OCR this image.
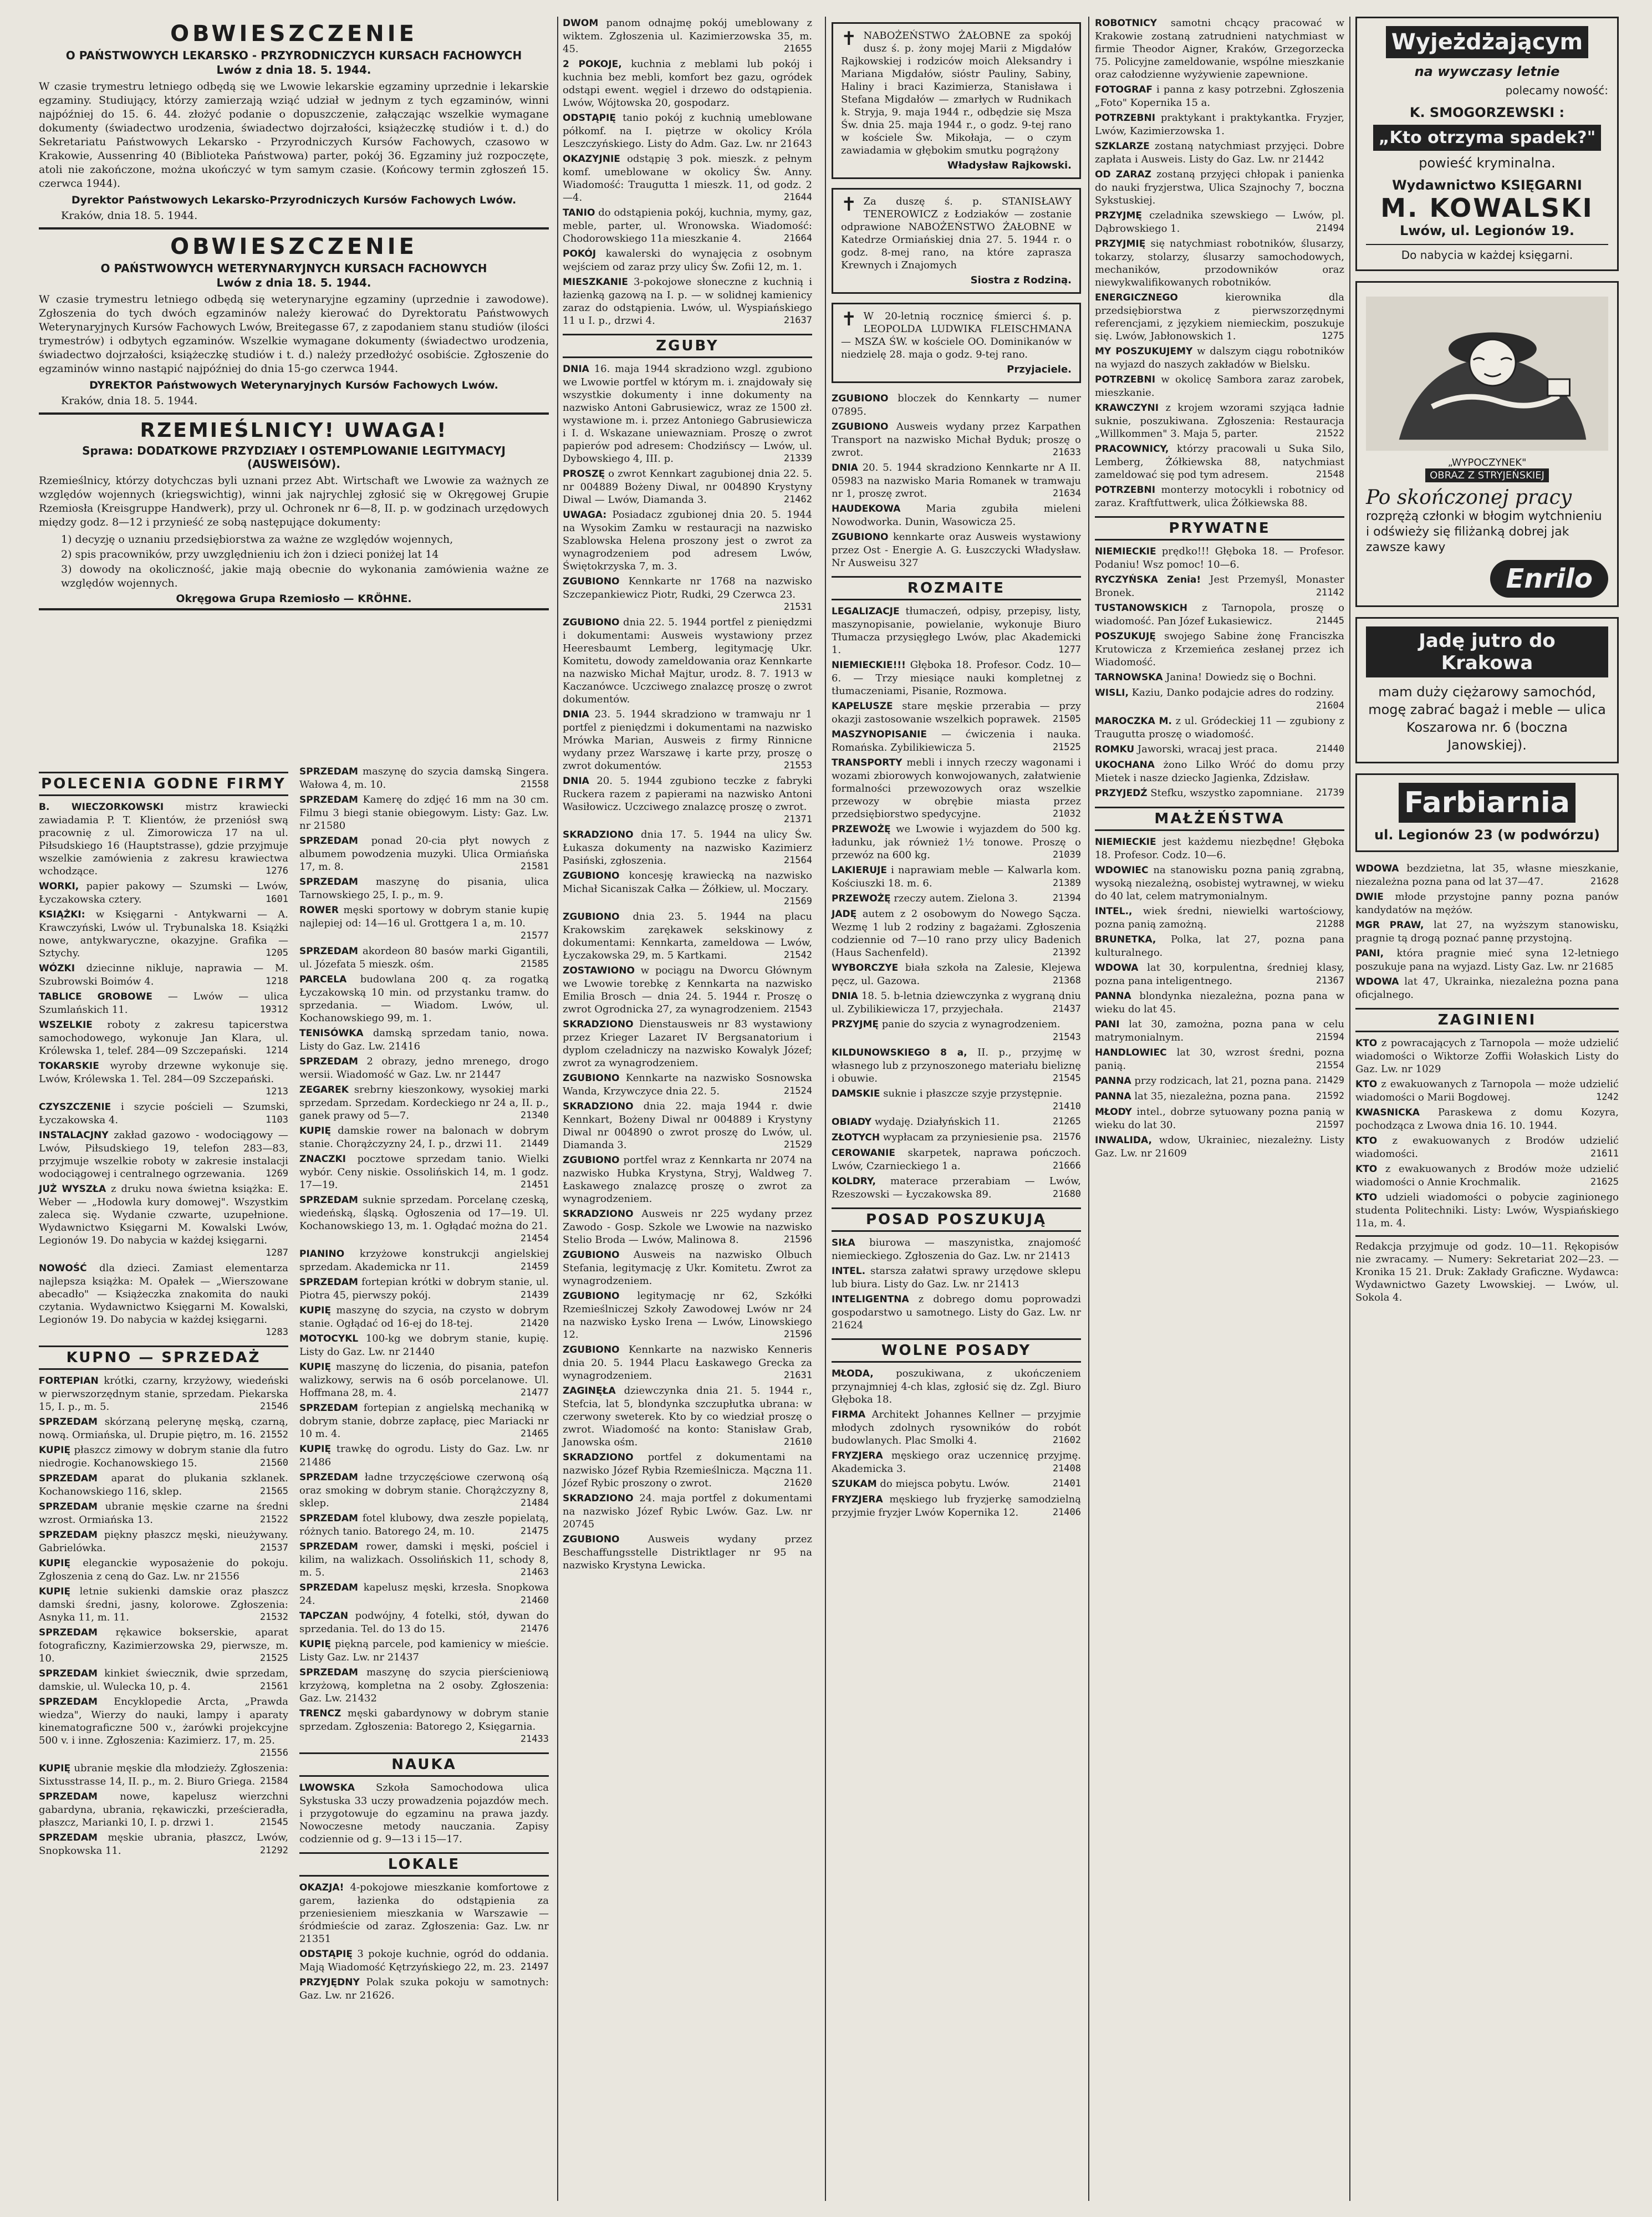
OBWIESZCZENIE
O PAŃSTWOWYCH LEKARSKO - PRZYRODNICZYCH KURSACH FACHOWYCH
Lwów z dnia 18. 5. 1944.
W czasie trymestru letniego odbędą się we Lwowie lekarskie egzaminy uprzednie i lekarskie egzaminy. Studiujący, którzy zamierzają wziąć udział w jednym z tych egzaminów, winni najpóźniej do 15. 6. 44. złożyć podanie o dopuszczenie, załączając wszelkie wymagane dokumenty (świadectwo urodzenia, świadectwo dojrzałości, książeczkę studiów i t. d.) do Sekretariatu Państwowych Lekarsko - Przyrodniczych Kursów Fachowych, czasowo w Krakowie, Aussenring 40 (Biblioteka Państwowa) parter, pokój 36. Egzaminy już rozpoczęte, atoli nie zakończone, można ukończyć w tym samym czasie. (Końcowy termin zgłoszeń 15. czerwca 1944).
Dyrektor Państwowych Lekarsko-Przyrodniczych Kursów Fachowych Lwów.
Kraków, dnia 18. 5. 1944.
OBWIESZCZENIE
O PAŃSTWOWYCH WETERYNARYJNYCH KURSACH FACHOWYCH
Lwów z dnia 18. 5. 1944.
W czasie trymestru letniego odbędą się weterynaryjne egzaminy (uprzednie i zawodowe). Zgłoszenia do tych dwóch egzaminów należy kierować do Dyrektoratu Państwowych Weterynaryjnych Kursów Fachowych Lwów, Breitegasse 67, z zapodaniem stanu studiów (ilości trymestrów) i odbytych egzaminów. Wszelkie wymagane dokumenty (świadectwo urodzenia, świadectwo dojrzałości, książeczkę studiów i t. d.) należy przedłożyć osobiście. Zgłoszenie do egzaminów winno nastąpić najpóźniej do dnia 15-go czerwca 1944.
DYREKTOR Państwowych Weterynaryjnych Kursów Fachowych Lwów.
Kraków, dnia 18. 5. 1944.
RZEMIEŚLNICY! UWAGA!
Sprawa: DODATKOWE PRZYDZIAŁY I OSTEMPLOWANIE LEGITYMACYJ (AUSWEISÓW).
Rzemieślnicy, którzy dotychczas byli uznani przez Abt. Wirtschaft we Lwowie za ważnych ze względów wojennych (kriegswichtig), winni jak najrychlej zgłosić się w Okręgowej Grupie Rzemiosła (Kreisgruppe Handwerk), przy ul. Ochronek nr 6—8, II. p. w godzinach urzędowych między godz. 8—12 i przynieść ze sobą następujące dokumenty:
1) decyzję o uznaniu przedsiębiorstwa za ważne ze względów wojennych,
2) spis pracowników, przy uwzględnieniu ich żon i dzieci poniżej lat 14
3) dowody na okoliczność, jakie mają obecnie do wykonania zamówienia ważne ze względów wojennych.
Okręgowa Grupa Rzemiosło — KRÖHNE.
POLECENIA GODNE FIRMY
B. WIECZORKOWSKI mistrz krawiecki zawiadamia P. T. Klientów, że przeniósł swą pracownię z ul. Zimorowicza 17 na ul. Piłsudskiego 16 (Hauptstrasse), gdzie przyjmuje wszelkie zamówienia z zakresu krawiectwa wchodzące.	1276
WORKI, papier pakowy — Szumski — Lwów, Łyczakowska cztery.	1601
KSIĄŻKI: w Księgarni - Antykwarni — A. Krawczyński, Lwów ul. Trybunalska 18. Książki nowe, antykwaryczne, okazyjne. Grafika — Sztychy.	1205
WÓZKI dziecinne nikluje, naprawia — M. Szubrowski Boimów 4.	1218
TABLICE GROBOWE — Lwów — ulica Szumlańskich 11.	19312
WSZELKIE roboty z zakresu tapicerstwa samochodowego, wykonuje Jan Klara, ul. Królewska 1, telef. 284—09 Szczepański. 1214
TOKARSKIE wyroby drzewne wykonuje się. Lwów, Królewska 1. Tel. 284—09 Szczepański.
1213
CZYSZCZENIE i szycie pościeli — Szumski, Łyczakowska 4.	1103
INSTALACJNY zakład gazowo - wodociągowy — Lwów, Piłsudskiego 19, telefon 283—83, przyjmuje wszelkie roboty w zakresie instalacji wodociągowej i centralnego ogrzewania. 1269
JUŻ WYSZŁA z druku nowa świetna książka: E. Weber — „Hodowla kury domowej". Wszystkim zaleca się. Wydanie czwarte, uzupełnione. Wydawnictwo Księgarni M. Kowalski Lwów, Legionów 19. Do nabycia w każdej księgarni.
1287
NOWOŚĆ dla dzieci. Zamiast elementarza najlepsza książka: M. Opałek — „Wierszowane abecadło" — Książeczka znakomita do nauki czytania. Wydawnictwo Księgarni M. Kowalski, Legionów 19. Do nabycia w każdej księgarni.
1283
KUPNO — SPRZEDAŻ
FORTEPIAN krótki, czarny, krzyżowy, wiedeński w pierwszorzędnym stanie, sprzedam. Piekarska 15, I. p., m. 5.	21546
SPRZEDAM skórzaną pelerynę męską, czarną, nową. Ormiańska, ul. Drupie piętro, m. 16. 21552
KUPIĘ płaszcz zimowy w dobrym stanie dla futro niedrogie. Kochanowskiego 15.	21560
SPRZEDAM aparat do plukania szklanek. Kochanowskiego 116, sklep.	21565
SPRZEDAM ubranie męskie czarne na średni wzrost. Ormiańska 13.	21522
SPRZEDAM piękny płaszcz męski, nieużywany. Gabrielówka.	21537
KUPIĘ eleganckie wyposażenie do pokoju. Zgłoszenia z ceną do Gaz. Lw. nr 21556
KUPIĘ letnie sukienki damskie oraz płaszcz damski średni, jasny, kolorowe. Zgłoszenia: Asnyka 11, m. 11.	21532
SPRZEDAM rękawice bokserskie, aparat fotograficzny, Kazimierzowska 29, pierwsze, m. 10.	21525
SPRZEDAM kinkiet świecznik, dwie sprzedam, damskie, ul. Wulecka 10, p. 4.	21561
SPRZEDAM Encyklopedie Arcta, „Prawda wiedza", Wierzy do nauki, lampy i aparaty kinematograficzne 500 v., żarówki projekcyjne 500 v. i inne. Zgłoszenia: Kazimierz. 17, m. 25.
21556
KUPIĘ ubranie męskie dla młodzieży. Zgłoszenia: Sixtusstrasse 14, II. p., m. 2. Biuro Griega. 21584
SPRZEDAM nowe, kapelusz wierzchni gabardyna, ubrania, rękawiczki, prześcieradła, płaszcz, Marianki 10, I. p. drzwi 1.	21545
SPRZEDAM męskie ubrania, płaszcz, Lwów, Snopkowska 11.	21292
SPRZEDAM maszynę do szycia damską Singera. Wałowa 4, m. 10.	21558
SPRZEDAM Kamerę do zdjęć 16 mm na 30 cm. Filmu 3 biegi stanie obiegowym. Listy: Gaz. Lw. nr 21580
SPRZEDAM ponad 20-cia płyt nowych z albumem powodzenia muzyki. Ulica Ormiańska 17, m. 8.	21581
SPRZEDAM maszynę do pisania, ulica Tarnowskiego 25, I. p., m. 9.
ROWER męski sportowy w dobrym stanie kupię najlepiej od: 14—16 ul. Grottgera 1 a, m. 10.
21577
SPRZEDAM akordeon 80 basów marki Gigantili, ul. Józefata 5 mieszk. ośm.	21585
PARCELA budowlana 200 q. za rogatką Łyczakowską 10 min. od przystanku tramw. do sprzedania. — Wiadom. Lwów, ul. Kochanowskiego 99, m. 1.
TENISÓWKA damską sprzedam tanio, nowa. Listy do Gaz. Lw. 21416
SPRZEDAM 2 obrazy, jedno mrenego, drogo wersii. Wiadomość w Gaz. Lw. nr 21447
ZEGAREK srebrny kieszonkowy, wysokiej marki sprzedam. Sprzedam. Kordeckiego nr 24 a, II. p., ganek prawy od 5—7.	21340
KUPIĘ damskie rower na balonach w dobrym stanie. Chorążczyzny 24, I. p., drzwi 11. 21449
ZNACZKI pocztowe sprzedam tanio. Wielki wybór. Ceny niskie. Ossolińskich 14, m. 1 godz. 17—19.	21451
SPRZEDAM suknie sprzedam. Porcelanę czeską, wiedeńską, śląską. Ogłoszenia od 17—19. Ul. Kochanowskiego 13, m. 1. Ogłądać można do 21.
21454
PIANINO krzyżowe konstrukcji angielskiej sprzedam. Akademicka nr 11.	21459
SPRZEDAM fortepian krótki w dobrym stanie, ul. Piotra 45, pierwszy pokój.	21439
KUPIĘ maszynę do szycia, na czysto w dobrym stanie. Ogłądać od 16-ej do 18-tej.	21420
MOTOCYKL 100-kg we dobrym stanie, kupię. Listy do Gaz. Lw. nr 21440
KUPIĘ maszynę do liczenia, do pisania, patefon walizkowy, serwis na 6 osób porcelanowe. Ul. Hoffmana 28, m. 4.	21477
SPRZEDAM fortepian z angielską mechaniką w dobrym stanie, dobrze zapłacę, piec Mariacki nr 10 m. 4.	21465
KUPIĘ trawkę do ogrodu. Listy do Gaz. Lw. nr 21486
SPRZEDAM ładne trzyczęściowe czerwoną ośą oraz smoking w dobrym stanie. Chorążczyzny 8, sklep.	21484
SPRZEDAM fotel klubowy, dwa zeszłe popielatą, różnych tanio. Batorego 24, m. 10.	21475
SPRZEDAM rower, damski i męski, pościel i kilim, na walizkach. Ossolińskich 11, schody 8, m. 5.	21463
SPRZEDAM kapelusz męski, krzesła. Snopkowa 24.	21460
TAPCZAN podwójny, 4 fotelki, stół, dywan do sprzedania. Tel. do 13 do 15.	21476
KUPIĘ piękną parcele, pod kamienicy w mieście. Listy Gaz. Lw. nr 21437
SPRZEDAM maszynę do szycia pierścieniową krzyżową, kompletna na 2 osoby. Zgłoszenia: Gaz. Lw. 21432
TRENCZ męski gabardynowy w dobrym stanie sprzedam. Zgłoszenia: Batorego 2, Księgarnia.
21433
NAUKA
LWOWSKA Szkoła Samochodowa ulica Sykstuska 33 uczy prowadzenia pojazdów mech. i przygotowuje do egzaminu na prawa jazdy. Nowoczesne metody nauczania. Zapisy codziennie od g. 9—13 i 15—17.
LOKALE
OKAZJA! 4-pokojowe mieszkanie komfortowe z garem, łazienka do odstąpienia za przeniesieniem mieszkania w Warszawie — śródmieście od zaraz. Zgłoszenia: Gaz. Lw. nr 21351
ODSTĄPIĘ 3 pokoje kuchnie, ogród do oddania. Mają Wiadomość Kętrzyńskiego 22, m. 23. 21497
PRZYJĘDNY Polak szuka pokoju w samotnych: Gaz. Lw. nr 21626.
DWOM panom odnajmę pokój umeblowany z wiktem. Zgłoszenia ul. Kazimierzowska 35, m. 45.	21655
2 POKOJE, kuchnia z meblami lub pokój i kuchnia bez mebli, komfort bez gazu, ogródek odstąpi ewent. węgiel i drzewo do odstąpienia. Lwów, Wójtowska 20, gospodarz.
ODSTĄPIĘ tanio pokój z kuchnią umeblowane półkomf. na I. piętrze w okolicy Króla Leszczyńskiego. Listy do Adm. Gaz. Lw. nr 21643
OKAZYJNIE odstąpię 3 pok. mieszk. z pełnym komf. umeblowane w okolicy Św. Anny. Wiadomość: Traugutta 1 mieszk. 11, od godz. 2—4.	21644
TANIO do odstąpienia pokój, kuchnia, mymy, gaz, meble, parter, ul. Wronowska. Wiadomość: Chodorowskiego 11a mieszkanie 4.	21664
POKÓJ kawalerski do wynajęcia z osobnym wejściem od zaraz przy ulicy Św. Zofii 12, m. 1.
MIESZKANIE 3-pokojowe słoneczne z kuchnią i łazienką gazową na I. p. — w solidnej kamienicy zaraz do odstąpienia. Lwów, ul. Wyspiańskiego 11 u I. p., drzwi 4.	21637
ZGUBY
DNIA 16. maja 1944 skradziono wzgl. zgubiono we Lwowie portfel w którym m. i. znajdowały się wszystkie dokumenty i inne dokumenty na nazwisko Antoni Gabrusiewicz, wraz ze 1500 zł. wystawione m. i. przez Antoniego Gabrusiewicza i I. d. Wskazane uniewazniam. Proszę o zwrot papierów pod adresem: Chodzińscy — Lwów, ul. Dybowskiego 4, III. p.	21339
PROSZĘ o zwrot Kennkart zagubionej dnia 22. 5. nr 004889 Bożeny Diwal, nr 004890 Krystyny Diwal — Lwów, Diamanda 3.	21462
UWAGA: Posiadacz zgubionej dnia 20. 5. 1944 na Wysokim Zamku w restauracji na nazwisko Szablowska Helena proszony jest o zwrot za wynagrodzeniem pod adresem Lwów, Świętokrzyska 7, m. 3.
ZGUBIONO Kennkarte nr 1768 na nazwisko Szczepankiewicz Piotr, Rudki, 29 Czerwca 23.
21531
ZGUBIONO dnia 22. 5. 1944 portfel z pieniędzmi i dokumentami: Ausweis wystawiony przez Heeresbaumt Lemberg, legitymację Ukr. Komitetu, dowody zameldowania oraz Kennkarte na nazwisko Michał Majtur, urodz. 8. 7. 1913 w Kaczanówce. Uczciwego znalazcę proszę o zwrot dokumentów.
DNIA 23. 5. 1944 skradziono w tramwaju nr 1 portfel z pieniędzmi i dokumentami na nazwisko Mrówka Marian, Ausweis z firmy Rinnicne wydany przez Warszawę i karte przy, proszę o zwrot dokumentów.	21553
DNIA 20. 5. 1944 zgubiono teczke z fabryki Ruckera razem z papierami na nazwisko Antoni Wasiłowicz. Uczciwego znalazcę proszę o zwrot.
21371
SKRADZIONO dnia 17. 5. 1944 na ulicy Św. Łukasza dokumenty na nazwisko Kazimierz Pasiński, zgłoszenia.	21564
ZGUBIONO koncesję krawiecką na nazwisko Michał Sicaniszak Całka — Żółkiew, ul. Moczary.
21569
ZGUBIONO dnia 23. 5. 1944 na placu Krakowskim zarękawek sekskinowy z dokumentami: Kennkarta, zameldowa — Lwów, Łyczakowska 29, m. 5 Kartkami.	21542
ZOSTAWIONO w pociągu na Dworcu Głównym we Lwowie torebkę z Kennkarta na nazwisko Emilia Brosch — dnia 24. 5. 1944 r. Proszę o zwrot Ogrodnicka 27, za wynagrodzeniem. 21543
SKRADZIONO Dienstausweis nr 83 wystawiony przez Krieger Lazaret IV Bergsanatorium i dyplom czeladniczy na nazwisko Kowalyk Józef; zwrot za wynagrodzeniem.
ZGUBIONO Kennkarte na nazwisko Sosnowska Wanda, Krzywczyce dnia 22. 5.	21524
SKRADZIONO dnia 22. maja 1944 r. dwie Kennkart, Bożeny Diwal nr 004889 i Krystyny Diwal nr 004890 o zwrot proszę do Lwów, ul. Diamanda 3.	21529
ZGUBIONO portfel wraz z Kennkarta nr 2074 na nazwisko Hubka Krystyna, Stryj, Waldweg 7. Łaskawego znalazcę proszę o zwrot za wynagrodzeniem.
SKRADZIONO Ausweis nr 225 wydany przez Zawodo - Gosp. Szkole we Lwowie na nazwisko Stelio Broda — Lwów, Malinowa 8.	21596
ZGUBIONO Ausweis na nazwisko Olbuch Stefania, legitymację z Ukr. Komitetu. Zwrot za wynagrodzeniem.
ZGUBIONO legitymację nr 62, Szkółki Rzemieślniczej Szkoły Zawodowej Lwów nr 24 na nazwisko Łysko Irena — Lwów, Linowskiego 12.	21596
ZGUBIONO Kennkarte na nazwisko Kenneris dnia 20. 5. 1944 Placu Łaskawego Grecka za wynagrodzeniem.	21631
ZAGINĘŁA dziewczynka dnia 21. 5. 1944 r., Stefcia, lat 5, blondynka szczupłutka ubrana: w czerwony sweterek. Kto by co wiedział proszę o zwrot. Wiadomość na konto: Stanisław Grab, Janowska ośm.	21610
SKRADZIONO portfel z dokumentami na nazwisko Józef Rybia Rzemieślnicza. Mączna 11. Józef Rybic proszony o zwrot.	21620
SKRADZIONO 24. maja portfel z dokumentami na nazwisko Józef Rybic Lwów. Gaz. Lw. nr 20745
ZGUBIONO	Ausweis wydany przez Beschaffungsstelle Distriktlager nr 95 na nazwisko Krystyna Lewicka.
✝ NABOŻEŃSTWO ŻAŁOBNE za spokój dusz ś. p. żony mojej Marii z Migdałów Rajkowskiej i rodziców moich Aleksandry i Mariana Migdałów, sióstr Pauliny, Sabiny, Haliny i braci Kazimierza, Stanisława i Stefana Migdałów — zmarłych w Rudnikach k. Stryja, 9. maja 1944 r., odbędzie się Msza Św. dnia 25. maja 1944 r., o godz. 9-tej rano w kościele Św. Mikołaja, — o czym zawiadamia w głębokim smutku pogrążony
Władysław Rajkowski.
✝ Za duszę ś. p. STANISŁAWY TENEROWICZ z Łodziaków — zostanie odprawione NABOŻEŃSTWO ŻAŁOBNE w Katedrze Ormiańskiej dnia 27. 5. 1944 r. o godz. 8-mej rano, na które zaprasza Krewnych i Znajomych
Siostra z Rodziną.
✝ W 20-letnią rocznicę śmierci ś. p. LEOPOLDA LUDWIKA FLEISCHMANA — MSZA ŚW. w kościele OO. Dominikanów w niedzielę 28. maja o godz. 9-tej rano.
Przyjaciele.
ZGUBIONO bloczek do Kennkarty — numer 07895.
ZGUBIONO Ausweis wydany przez Karpathen Transport na nazwisko Michał Byduk; proszę o zwrot.	21633
DNIA 20. 5. 1944 skradziono Kennkarte nr A II. 05983 na nazwisko Maria Romanek w tramwaju nr 1, proszę zwrot.	21634
HAUDEKOWA	Maria zgubiła mieleni Nowodworka. Dunin, Wasowicza 25.
ZGUBIONO kennkarte oraz Ausweis wystawiony przez Ost - Energie A. G. Łuszczycki Władysław. Nr Ausweisu 327
ROZMAITE
LEGALIZACJE tłumaczeń, odpisy, przepisy, listy, maszynopisanie, powielanie, wykonuje Biuro Tłumacza przysięgłego Lwów, plac Akademicki 1.	1277
NIEMIECKIE!!! Głęboka 18. Profesor. Codz. 10—6. — Trzy miesiące nauki kompletnej z tłumaczeniami, Pisanie, Rozmowa.
KAPELUSZE stare męskie przerabia — przy okazji zastosowanie wszelkich poprawek. 21505
MASZYNOPISANIE — ćwiczenia i nauka. Romańska. Zybilikiewicza 5.	21525
TRANSPORTY mebli i innych rzeczy wagonami i wozami zbiorowych konwojowanych, załatwienie formalności przewozowych oraz wszelkie przewozy w obrębie miasta przez przedsiębiorstwo spedycyjne.	21032
PRZEWOŻĘ we Lwowie i wyjazdem do 500 kg. ładunku, jak również 1½ tonowe. Proszę o przewóz na 600 kg.	21039
LAKIERUJE i naprawiam meble — Kalwarla kom. Kościuszki 18. m. 6.	21389
PRZEWOŻĘ rzeczy autem. Zielona 3.	21394
JADĘ autem z 2 osobowym do Nowego Sącza. Wezmę 1 lub 2 rodziny z bagażami. Zgłoszenia codziennie od 7—10 rano przy ulicy Badenich (Haus Sachenfeld).	21392
WYBORCZYE biała szkoła na Zalesie, Klejewa pęcz, ul. Gazowa.	21368
DNIA 18. 5. b-letnia dziewczynka z wygraną dniu ul. Zybilikiewicza 17, przyjechała.	21437
PRZYJMĘ panie do szycia z wynagrodzeniem.
21543
KILDUNOWSKIEGO 8 a, II. p., przyjmę w własnego lub z przynoszonego materiału bieliznę i obuwie.	21545
DAMSKIE suknie i płaszcze szyje przystępnie.
21410
OBIADY wydaję. Działyńskich 11.	21265
ZŁOTYCH wypłacam za przyniesienie psa. 21576
CEROWANIE skarpetek, naprawa pończoch. Lwów, Czarnieckiego 1 a.	21666
KOLDRY, materace przerabiam — Lwów, Rzeszowski — Łyczakowska 89.	21680
POSAD POSZUKUJĄ
SIŁA biurowa — maszynistka, znajomość niemieckiego. Zgłoszenia do Gaz. Lw. nr 21413
INTEL. starsza załatwi sprawy urzędowe sklepu lub biura. Listy do Gaz. Lw. nr 21413
INTELIGENTNA z dobrego domu poprowadzi gospodarstwo u samotnego. Listy do Gaz. Lw. nr 21624
WOLNE POSADY
MŁODA, poszukiwana, z ukończeniem przynajmniej 4-ch klas, zgłosić się dz. Zgl. Biuro Głęboka 18.
FIRMA Architekt Johannes Kellner — przyjmie młodych zdolnych rysowników do robót budowlanych. Plac Smolki 4.	21602
FRYZJERA męskiego oraz uczennicę przyjmę. Akademicka 3.	21408
SZUKAM do miejsca pobytu. Lwów.	21401
FRYZJERA męskiego lub fryzjerkę samodzielną przyjmie fryzjer Lwów Kopernika 12.	21406
ROBOTNICY samotni chcący pracować w Krakowie zostaną zatrudnieni natychmiast w firmie Theodor Aigner, Kraków, Grzegorzecka 75. Policyjne zameldowanie, wspólne mieszkanie oraz całodzienne wyżywienie zapewnione.
FOTOGRAF i panna z kasy potrzebni. Zgłoszenia „Foto" Kopernika 15 a.
POTRZEBNI praktykant i praktykantka. Fryzjer, Lwów, Kazimierzowska 1.
SZKLARZE zostaną natychmiast przyjęci. Dobre zapłata i Ausweis. Listy do Gaz. Lw. nr 21442
OD ZARAZ zostaną przyjęci chłopak i panienka do nauki fryzjerstwa, Ulica Szajnochy 7, boczna Sykstuskiej.
PRZYJMĘ czeladnika szewskiego — Lwów, pl. Dąbrowskiego 1.	21494
PRZYJMIĘ się natychmiast robotników, ślusarzy, tokarzy, stolarzy, ślusarzy samochodowych, mechaników, przodowników oraz niewykwalifikowanych robotników.
ENERGICZNEGO	kierownika dla przedsiębiorstwa z pierwszorzędnymi referencjami, z językiem niemieckim, poszukuje się. Lwów, Jabłonowskich 1.	1275
MY POSZUKUJEMY w dalszym ciągu robotników na wyjazd do naszych zakładów w Bielsku.
POTRZEBNI w okolicę Sambora zaraz zarobek, mieszkanie.
KRAWCZYNI z krojem wzorami szyjąca ładnie suknie, poszukiwana. Zgłoszenia: Restauracja „Willkommen" 3. Maja 5, parter.	21522
PRACOWNICY, którzy pracowali u Suka Silo, Lemberg, Żółkiewska 88, natychmiast zameldować się pod tym adresem.	21548
POTRZEBNI monterzy motocykli i robotnicy od zaraz. Kraftfuttwerk, ulica Żółkiewska 88.
PRYWATNE
NIEMIECKIE prędko!!! Głęboka 18. — Profesor. Podaniu! Wsz pomoc! 10—6.
RYCZYŃSKA Zenia! Jest Przemyśl, Monaster Bronek.	21142
TUSTANOWSKICH z Tarnopola, proszę o wiadomość. Pan Józef Łukasiewicz.	21445
POSZUKUJĘ swojego Sabine żonę Franciszka Krutowicza z Krzemieńca zesłanej przez ich Wiadomość.
TARNOWSKA Janina! Dowiedz się o Bochni.
WISLI, Kaziu, Danko podajcie adres do rodziny.
21604
MAROCZKA M. z ul. Gródeckiej 11 — zgubiony z Traugutta proszę o wiadomość.
ROMKU Jaworski, wracaj jest praca.	21440
UKOCHANA żono Lilko Wróć do domu przy Mietek i nasze dziecko Jagienka, Zdzisław.
PRZYJEDŹ Stefku, wszystko zapomniane. 21739
MAŁŻEŃSTWA
NIEMIECKIE jest każdemu niezbędne! Głęboka 18. Profesor. Codz. 10—6.
WDOWIEC na stanowisku pozna panią zgrabną, wysoką niezależną, osobistej wytrawnej, w wieku do 40 lat, celem matrymonialnym.
INTEL., wiek średni, niewielki wartościowy, pozna panią zamożną.	21288
BRUNETKA, Polka, lat 27, pozna pana kulturalnego.
WDOWA lat 30, korpulentna, średniej klasy, pozna pana inteligentnego.	21367
PANNA blondynka niezależna, pozna pana w wieku do lat 45.
PANI lat 30, zamożna, pozna pana w celu matrymonialnym.	21594
HANDLOWIEC lat 30, wzrost średni, pozna panią.	21554
PANNA przy rodzicach, lat 21, pozna pana. 21429
PANNA lat 35, niezależna, pozna pana.	21592
MŁODY intel., dobrze sytuowany pozna panią w wieku do lat 30.	21597
INWALIDA, wdow, Ukrainiec, niezależny. Listy Gaz. Lw. nr 21609
Wyjeżdżającym
na wywczasy letnie
polecamy nowość:
K. SMOGORZEWSKI :
„Kto otrzyma spadek?"
powieść kryminalna.
Wydawnictwo KSIĘGARNI
M. KOWALSKI
Lwów, ul. Legionów 19.
Do nabycia w każdej księgarni.
„WYPOCZYNEK"
OBRAZ Z STRYJEŃSKIEJ
Po skończonej pracy
rozprężą członki w błogim wytchnieniu i odświeży się filiżanką dobrej jak zawsze kawy
Enrilo
Jadę jutro do Krakowa
mam duży ciężarowy samochód, mogę zabrać bagaż i meble — ulica Koszarowa nr. 6 (boczna Janowskiej).
Farbiarnia
ul. Legionów 23 (w podwórzu)
WDOWA bezdzietna, lat 35, własne mieszkanie, niezależna pozna pana od lat 37—47.	21628
DWIE młode przystojne panny pozna panów kandydatów na mężów.
MGR PRAW, lat 27, na wyższym stanowisku, pragnie tą drogą poznać pannę przystojną.
PANI, która pragnie mieć syna 12-letniego poszukuje pana na wyjazd. Listy Gaz. Lw. nr 21685
WDOWA lat 47, Ukrainka, niezależna pozna pana oficjalnego.
ZAGINIENI
KTO z powracających z Tarnopola — może udzielić wiadomości o Wiktorze Zoffii Wołaskich Listy do Gaz. Lw. nr 1029
KTO z ewakuowanych z Tarnopola — może udzielić wiadomości o Marii Bogdowej.	1242
KWASNICKA Paraskewa z domu Kozyra, pochodząca z Lwowa dnia 16. 10. 1944.
KTO z ewakuowanych z Brodów udzielić wiadomości.	21611
KTO z ewakuowanych z Brodów może udzielić wiadomości o Annie Krochmalik.	21625
KTO udzieli wiadomości o pobycie zaginionego studenta Politechniki. Listy: Lwów, Wyspiańskiego 11a, m. 4.
Redakcja przyjmuje od godz. 10—11. Rękopisów nie zwracamy. — Numery: Sekretariat 202—23. — Kronika 15 21. Druk: Zakłady Graficzne. Wydawca: Wydawnictwo Gazety Lwowskiej. — Lwów, ul. Sokola 4.
